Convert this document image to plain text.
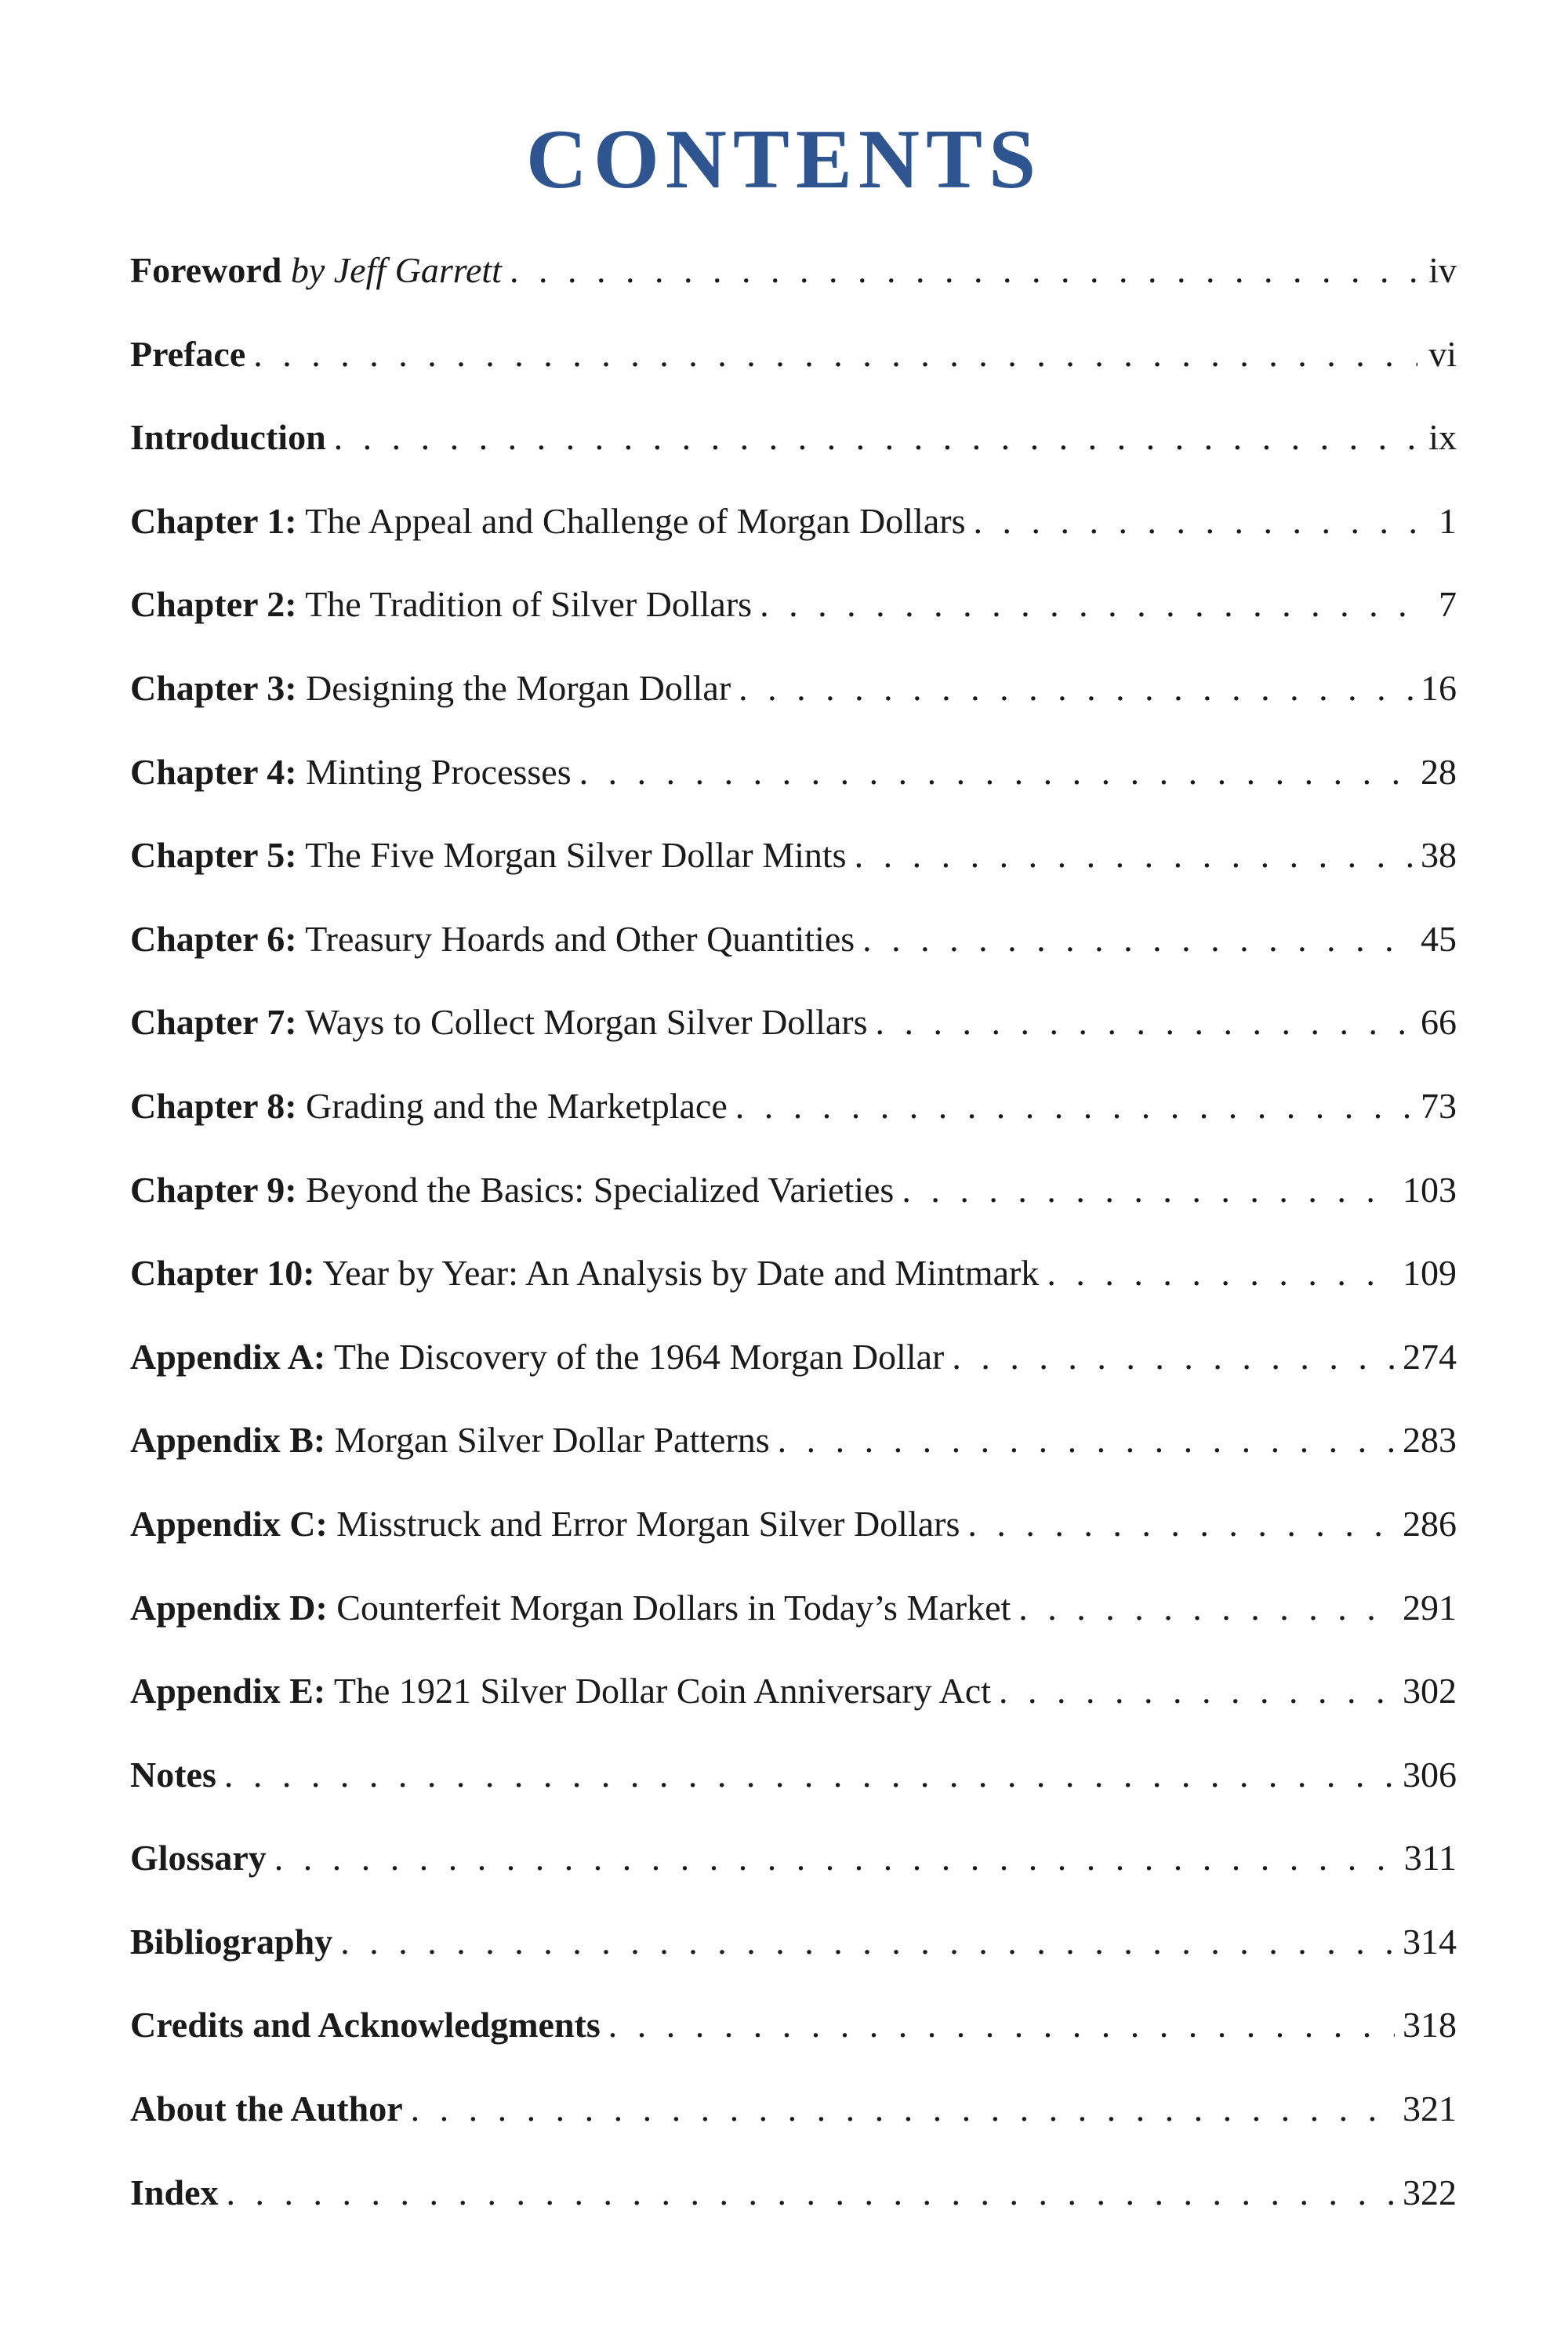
CONTENTS
Foreword by Jeff Garrett . . .	iv
Preface . . .	vi
Introduction . . .	ix
Chapter 1: The Appeal and Challenge of Morgan Dollars . . .	1
Chapter 2: The Tradition of Silver Dollars . . .	7
Chapter 3: Designing the Morgan Dollar . . .	16
Chapter 4: Minting Processes . . .	28
Chapter 5: The Five Morgan Silver Dollar Mints . . .	38
Chapter 6: Treasury Hoards and Other Quantities . . .	45
Chapter 7: Ways to Collect Morgan Silver Dollars . . .	66
Chapter 8: Grading and the Marketplace . . .	73
Chapter 9: Beyond the Basics: Specialized Varieties . . .	103
Chapter 10: Year by Year: An Analysis by Date and Mintmark . . .	109
Appendix A: The Discovery of the 1964 Morgan Dollar . . .	274
Appendix B: Morgan Silver Dollar Patterns . . .	283
Appendix C: Misstruck and Error Morgan Silver Dollars . . .	286
Appendix D: Counterfeit Morgan Dollars in Today’s Market . . .	291
Appendix E: The 1921 Silver Dollar Coin Anniversary Act . . .	302
Notes . . .	306
Glossary . . .	311
Bibliography . . .	314
Credits and Acknowledgments . . .	318
About the Author . . .	321
Index . . .	322
